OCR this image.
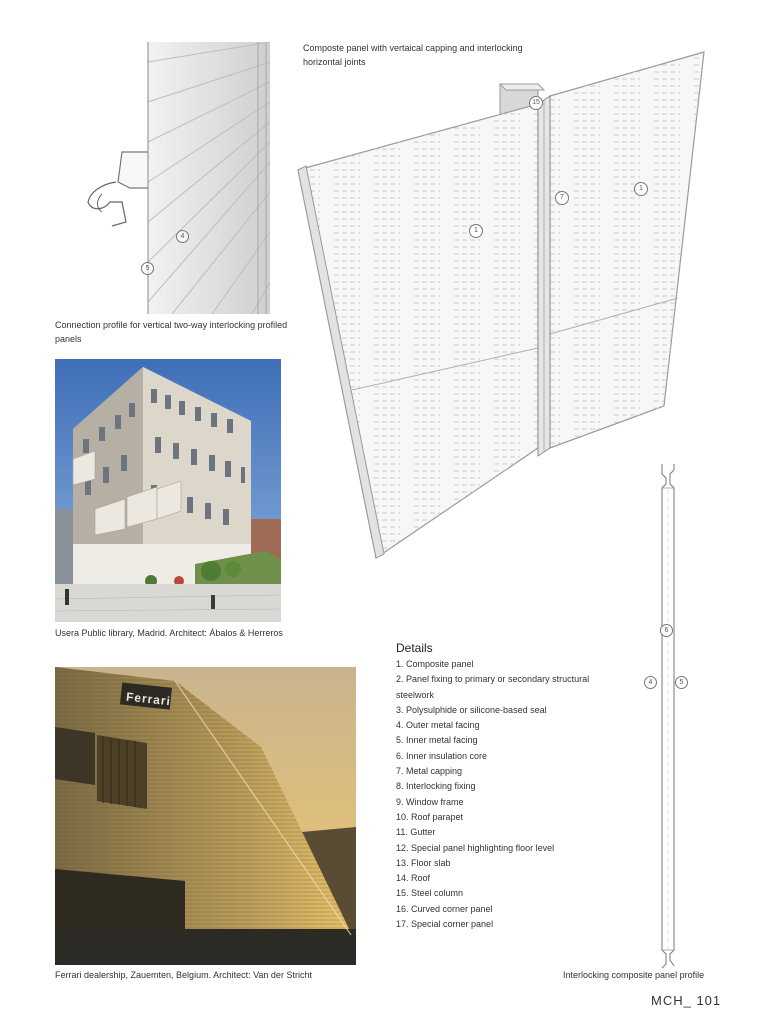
4
5
Connection profile for vertical two-way interlocking profiled panels
Composte panel with vertaical capping and interlocking horizontal joints
15
1
7
1
Usera Public library, Madrid. Architect: Ábalos & Herreros
Ferrari
Ferrari dealership, Zauemten, Belgium. Architect: Van der Stricht
Details
1. Composite panel
2. Panel fixing to primary or secondary structural steelwork
3. Polysulphide or silicone-based seal
4. Outer metal facing
5. Inner metal facing
6. Inner insulation core
7. Metal capping
8. Interlocking fixing
9. Window frame
10. Roof parapet
11. Gutter
12. Special panel highlighting floor level
13. Floor slab
14. Roof
15. Steel column
16. Curved corner panel
17. Special corner panel
6
4	5
Interlocking composite panel profile
MCH_ 101
